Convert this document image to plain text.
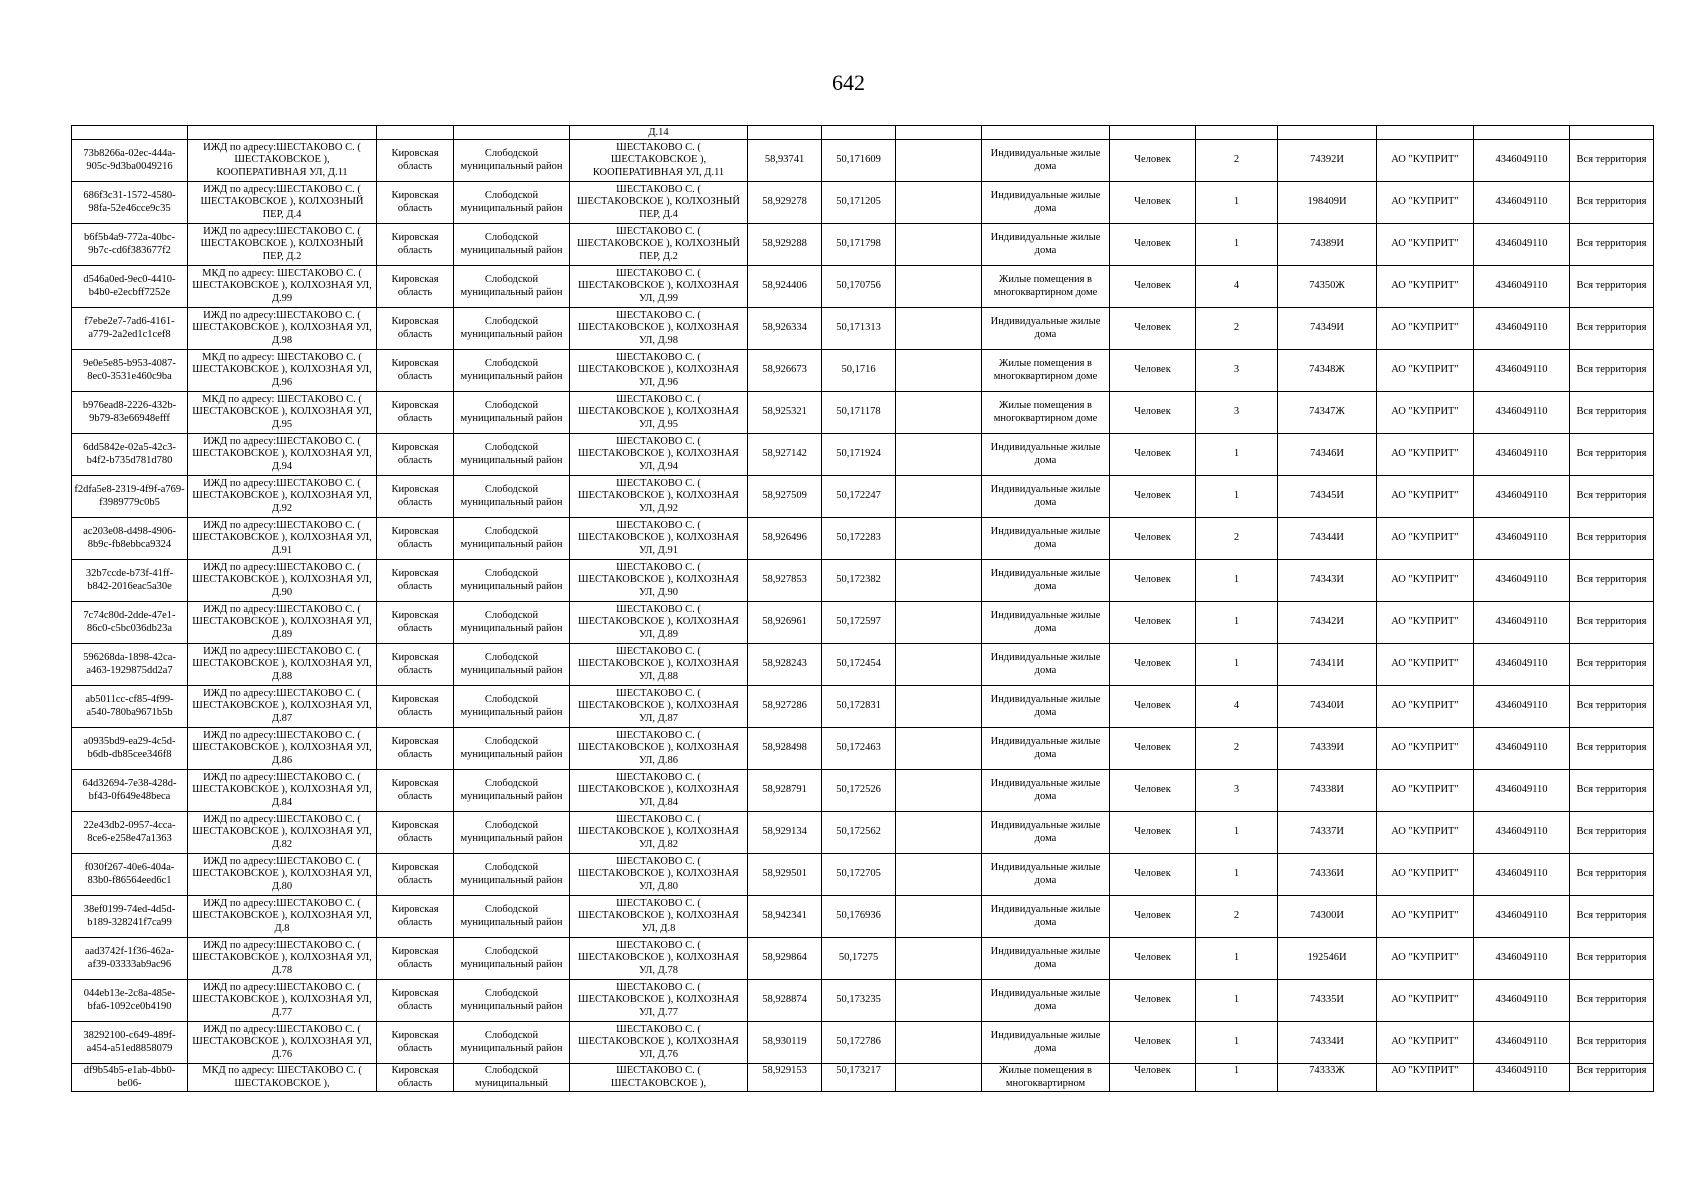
642
				Д.14										
73b8266a-02ec-444a-905c-9d3ba0049216	ИЖД по адресу:ШЕСТАКОВО С. ( ШЕСТАКОВСКОЕ ), КООПЕРАТИВНАЯ УЛ, Д.11	Кировская область	Слободской муниципальный район	ШЕСТАКОВО С. ( ШЕСТАКОВСКОЕ ), КООПЕРАТИВНАЯ УЛ, Д.11	58,93741	50,171609		Индивидуальные жилые дома	Человек	2	74392И	АО "КУПРИТ"	4346049110	Вся территория
686f3c31-1572-4580-98fa-52e46cce9c35	ИЖД по адресу:ШЕСТАКОВО С. ( ШЕСТАКОВСКОЕ ), КОЛХОЗНЫЙ ПЕР, Д.4	Кировская область	Слободской муниципальный район	ШЕСТАКОВО С. ( ШЕСТАКОВСКОЕ ), КОЛХОЗНЫЙ ПЕР, Д.4	58,929278	50,171205		Индивидуальные жилые дома	Человек	1	198409И	АО "КУПРИТ"	4346049110	Вся территория
b6f5b4a9-772a-40bc-9b7c-cd6f383677f2	ИЖД по адресу:ШЕСТАКОВО С. ( ШЕСТАКОВСКОЕ ), КОЛХОЗНЫЙ ПЕР, Д.2	Кировская область	Слободской муниципальный район	ШЕСТАКОВО С. ( ШЕСТАКОВСКОЕ ), КОЛХОЗНЫЙ ПЕР, Д.2	58,929288	50,171798		Индивидуальные жилые дома	Человек	1	74389И	АО "КУПРИТ"	4346049110	Вся территория
d546a0ed-9ec0-4410-b4b0-e2ecbff7252e	МКД по адресу: ШЕСТАКОВО С. ( ШЕСТАКОВСКОЕ ), КОЛХОЗНАЯ УЛ, Д.99	Кировская область	Слободской муниципальный район	ШЕСТАКОВО С. ( ШЕСТАКОВСКОЕ ), КОЛХОЗНАЯ УЛ, Д.99	58,924406	50,170756		Жилые помещения в многоквартирном доме	Человек	4	74350Ж	АО "КУПРИТ"	4346049110	Вся территория
f7ebe2e7-7ad6-4161-a779-2a2ed1c1cef8	ИЖД по адресу:ШЕСТАКОВО С. ( ШЕСТАКОВСКОЕ ), КОЛХОЗНАЯ УЛ, Д.98	Кировская область	Слободской муниципальный район	ШЕСТАКОВО С. ( ШЕСТАКОВСКОЕ ), КОЛХОЗНАЯ УЛ, Д.98	58,926334	50,171313		Индивидуальные жилые дома	Человек	2	74349И	АО "КУПРИТ"	4346049110	Вся территория
9e0e5e85-b953-4087-8ec0-3531e460c9ba	МКД по адресу: ШЕСТАКОВО С. ( ШЕСТАКОВСКОЕ ), КОЛХОЗНАЯ УЛ, Д.96	Кировская область	Слободской муниципальный район	ШЕСТАКОВО С. ( ШЕСТАКОВСКОЕ ), КОЛХОЗНАЯ УЛ, Д.96	58,926673	50,1716		Жилые помещения в многоквартирном доме	Человек	3	74348Ж	АО "КУПРИТ"	4346049110	Вся территория
b976ead8-2226-432b-9b79-83e66948efff	МКД по адресу: ШЕСТАКОВО С. ( ШЕСТАКОВСКОЕ ), КОЛХОЗНАЯ УЛ, Д.95	Кировская область	Слободской муниципальный район	ШЕСТАКОВО С. ( ШЕСТАКОВСКОЕ ), КОЛХОЗНАЯ УЛ, Д.95	58,925321	50,171178		Жилые помещения в многоквартирном доме	Человек	3	74347Ж	АО "КУПРИТ"	4346049110	Вся территория
6dd5842e-02a5-42c3-b4f2-b735d781d780	ИЖД по адресу:ШЕСТАКОВО С. ( ШЕСТАКОВСКОЕ ), КОЛХОЗНАЯ УЛ, Д.94	Кировская область	Слободской муниципальный район	ШЕСТАКОВО С. ( ШЕСТАКОВСКОЕ ), КОЛХОЗНАЯ УЛ, Д.94	58,927142	50,171924		Индивидуальные жилые дома	Человек	1	74346И	АО "КУПРИТ"	4346049110	Вся территория
f2dfa5e8-2319-4f9f-a769-f3989779c0b5	ИЖД по адресу:ШЕСТАКОВО С. ( ШЕСТАКОВСКОЕ ), КОЛХОЗНАЯ УЛ, Д.92	Кировская область	Слободской муниципальный район	ШЕСТАКОВО С. ( ШЕСТАКОВСКОЕ ), КОЛХОЗНАЯ УЛ, Д.92	58,927509	50,172247		Индивидуальные жилые дома	Человек	1	74345И	АО "КУПРИТ"	4346049110	Вся территория
ac203e08-d498-4906-8b9c-fb8ebbca9324	ИЖД по адресу:ШЕСТАКОВО С. ( ШЕСТАКОВСКОЕ ), КОЛХОЗНАЯ УЛ, Д.91	Кировская область	Слободской муниципальный район	ШЕСТАКОВО С. ( ШЕСТАКОВСКОЕ ), КОЛХОЗНАЯ УЛ, Д.91	58,926496	50,172283		Индивидуальные жилые дома	Человек	2	74344И	АО "КУПРИТ"	4346049110	Вся территория
32b7ccde-b73f-41ff-b842-2016eac5a30e	ИЖД по адресу:ШЕСТАКОВО С. ( ШЕСТАКОВСКОЕ ), КОЛХОЗНАЯ УЛ, Д.90	Кировская область	Слободской муниципальный район	ШЕСТАКОВО С. ( ШЕСТАКОВСКОЕ ), КОЛХОЗНАЯ УЛ, Д.90	58,927853	50,172382		Индивидуальные жилые дома	Человек	1	74343И	АО "КУПРИТ"	4346049110	Вся территория
7c74c80d-2dde-47e1-86c0-c5bc036db23a	ИЖД по адресу:ШЕСТАКОВО С. ( ШЕСТАКОВСКОЕ ), КОЛХОЗНАЯ УЛ, Д.89	Кировская область	Слободской муниципальный район	ШЕСТАКОВО С. ( ШЕСТАКОВСКОЕ ), КОЛХОЗНАЯ УЛ, Д.89	58,926961	50,172597		Индивидуальные жилые дома	Человек	1	74342И	АО "КУПРИТ"	4346049110	Вся территория
596268da-1898-42ca-a463-1929875dd2a7	ИЖД по адресу:ШЕСТАКОВО С. ( ШЕСТАКОВСКОЕ ), КОЛХОЗНАЯ УЛ, Д.88	Кировская область	Слободской муниципальный район	ШЕСТАКОВО С. ( ШЕСТАКОВСКОЕ ), КОЛХОЗНАЯ УЛ, Д.88	58,928243	50,172454		Индивидуальные жилые дома	Человек	1	74341И	АО "КУПРИТ"	4346049110	Вся территория
ab5011cc-cf85-4f99-a540-780ba9671b5b	ИЖД по адресу:ШЕСТАКОВО С. ( ШЕСТАКОВСКОЕ ), КОЛХОЗНАЯ УЛ, Д.87	Кировская область	Слободской муниципальный район	ШЕСТАКОВО С. ( ШЕСТАКОВСКОЕ ), КОЛХОЗНАЯ УЛ, Д.87	58,927286	50,172831		Индивидуальные жилые дома	Человек	4	74340И	АО "КУПРИТ"	4346049110	Вся территория
a0935bd9-ea29-4c5d-b6db-db85cee346f8	ИЖД по адресу:ШЕСТАКОВО С. ( ШЕСТАКОВСКОЕ ), КОЛХОЗНАЯ УЛ, Д.86	Кировская область	Слободской муниципальный район	ШЕСТАКОВО С. ( ШЕСТАКОВСКОЕ ), КОЛХОЗНАЯ УЛ, Д.86	58,928498	50,172463		Индивидуальные жилые дома	Человек	2	74339И	АО "КУПРИТ"	4346049110	Вся территория
64d32694-7e38-428d-bf43-0f649e48beca	ИЖД по адресу:ШЕСТАКОВО С. ( ШЕСТАКОВСКОЕ ), КОЛХОЗНАЯ УЛ, Д.84	Кировская область	Слободской муниципальный район	ШЕСТАКОВО С. ( ШЕСТАКОВСКОЕ ), КОЛХОЗНАЯ УЛ, Д.84	58,928791	50,172526		Индивидуальные жилые дома	Человек	3	74338И	АО "КУПРИТ"	4346049110	Вся территория
22e43db2-0957-4cca-8ce6-e258e47a1363	ИЖД по адресу:ШЕСТАКОВО С. ( ШЕСТАКОВСКОЕ ), КОЛХОЗНАЯ УЛ, Д.82	Кировская область	Слободской муниципальный район	ШЕСТАКОВО С. ( ШЕСТАКОВСКОЕ ), КОЛХОЗНАЯ УЛ, Д.82	58,929134	50,172562		Индивидуальные жилые дома	Человек	1	74337И	АО "КУПРИТ"	4346049110	Вся территория
f030f267-40e6-404a-83b0-f86564eed6c1	ИЖД по адресу:ШЕСТАКОВО С. ( ШЕСТАКОВСКОЕ ), КОЛХОЗНАЯ УЛ, Д.80	Кировская область	Слободской муниципальный район	ШЕСТАКОВО С. ( ШЕСТАКОВСКОЕ ), КОЛХОЗНАЯ УЛ, Д.80	58,929501	50,172705		Индивидуальные жилые дома	Человек	1	74336И	АО "КУПРИТ"	4346049110	Вся территория
38ef0199-74ed-4d5d-b189-328241f7ca99	ИЖД по адресу:ШЕСТАКОВО С. ( ШЕСТАКОВСКОЕ ), КОЛХОЗНАЯ УЛ, Д.8	Кировская область	Слободской муниципальный район	ШЕСТАКОВО С. ( ШЕСТАКОВСКОЕ ), КОЛХОЗНАЯ УЛ, Д.8	58,942341	50,176936		Индивидуальные жилые дома	Человек	2	74300И	АО "КУПРИТ"	4346049110	Вся территория
aad3742f-1f36-462a-af39-03333ab9ac96	ИЖД по адресу:ШЕСТАКОВО С. ( ШЕСТАКОВСКОЕ ), КОЛХОЗНАЯ УЛ, Д.78	Кировская область	Слободской муниципальный район	ШЕСТАКОВО С. ( ШЕСТАКОВСКОЕ ), КОЛХОЗНАЯ УЛ, Д.78	58,929864	50,17275		Индивидуальные жилые дома	Человек	1	192546И	АО "КУПРИТ"	4346049110	Вся территория
044eb13e-2c8a-485e-bfa6-1092ce0b4190	ИЖД по адресу:ШЕСТАКОВО С. ( ШЕСТАКОВСКОЕ ), КОЛХОЗНАЯ УЛ, Д.77	Кировская область	Слободской муниципальный район	ШЕСТАКОВО С. ( ШЕСТАКОВСКОЕ ), КОЛХОЗНАЯ УЛ, Д.77	58,928874	50,173235		Индивидуальные жилые дома	Человек	1	74335И	АО "КУПРИТ"	4346049110	Вся территория
38292100-c649-489f-a454-a51ed8858079	ИЖД по адресу:ШЕСТАКОВО С. ( ШЕСТАКОВСКОЕ ), КОЛХОЗНАЯ УЛ, Д.76	Кировская область	Слободской муниципальный район	ШЕСТАКОВО С. ( ШЕСТАКОВСКОЕ ), КОЛХОЗНАЯ УЛ, Д.76	58,930119	50,172786		Индивидуальные жилые дома	Человек	1	74334И	АО "КУПРИТ"	4346049110	Вся территория
df9b54b5-e1ab-4bb0-be06-	МКД по адресу: ШЕСТАКОВО С. ( ШЕСТАКОВСКОЕ ),	Кировская область	Слободской муниципальный	ШЕСТАКОВО С. ( ШЕСТАКОВСКОЕ ),	58,929153	50,173217		Жилые помещения в многоквартирном	Человек	1	74333Ж	АО "КУПРИТ"	4346049110	Вся территория
